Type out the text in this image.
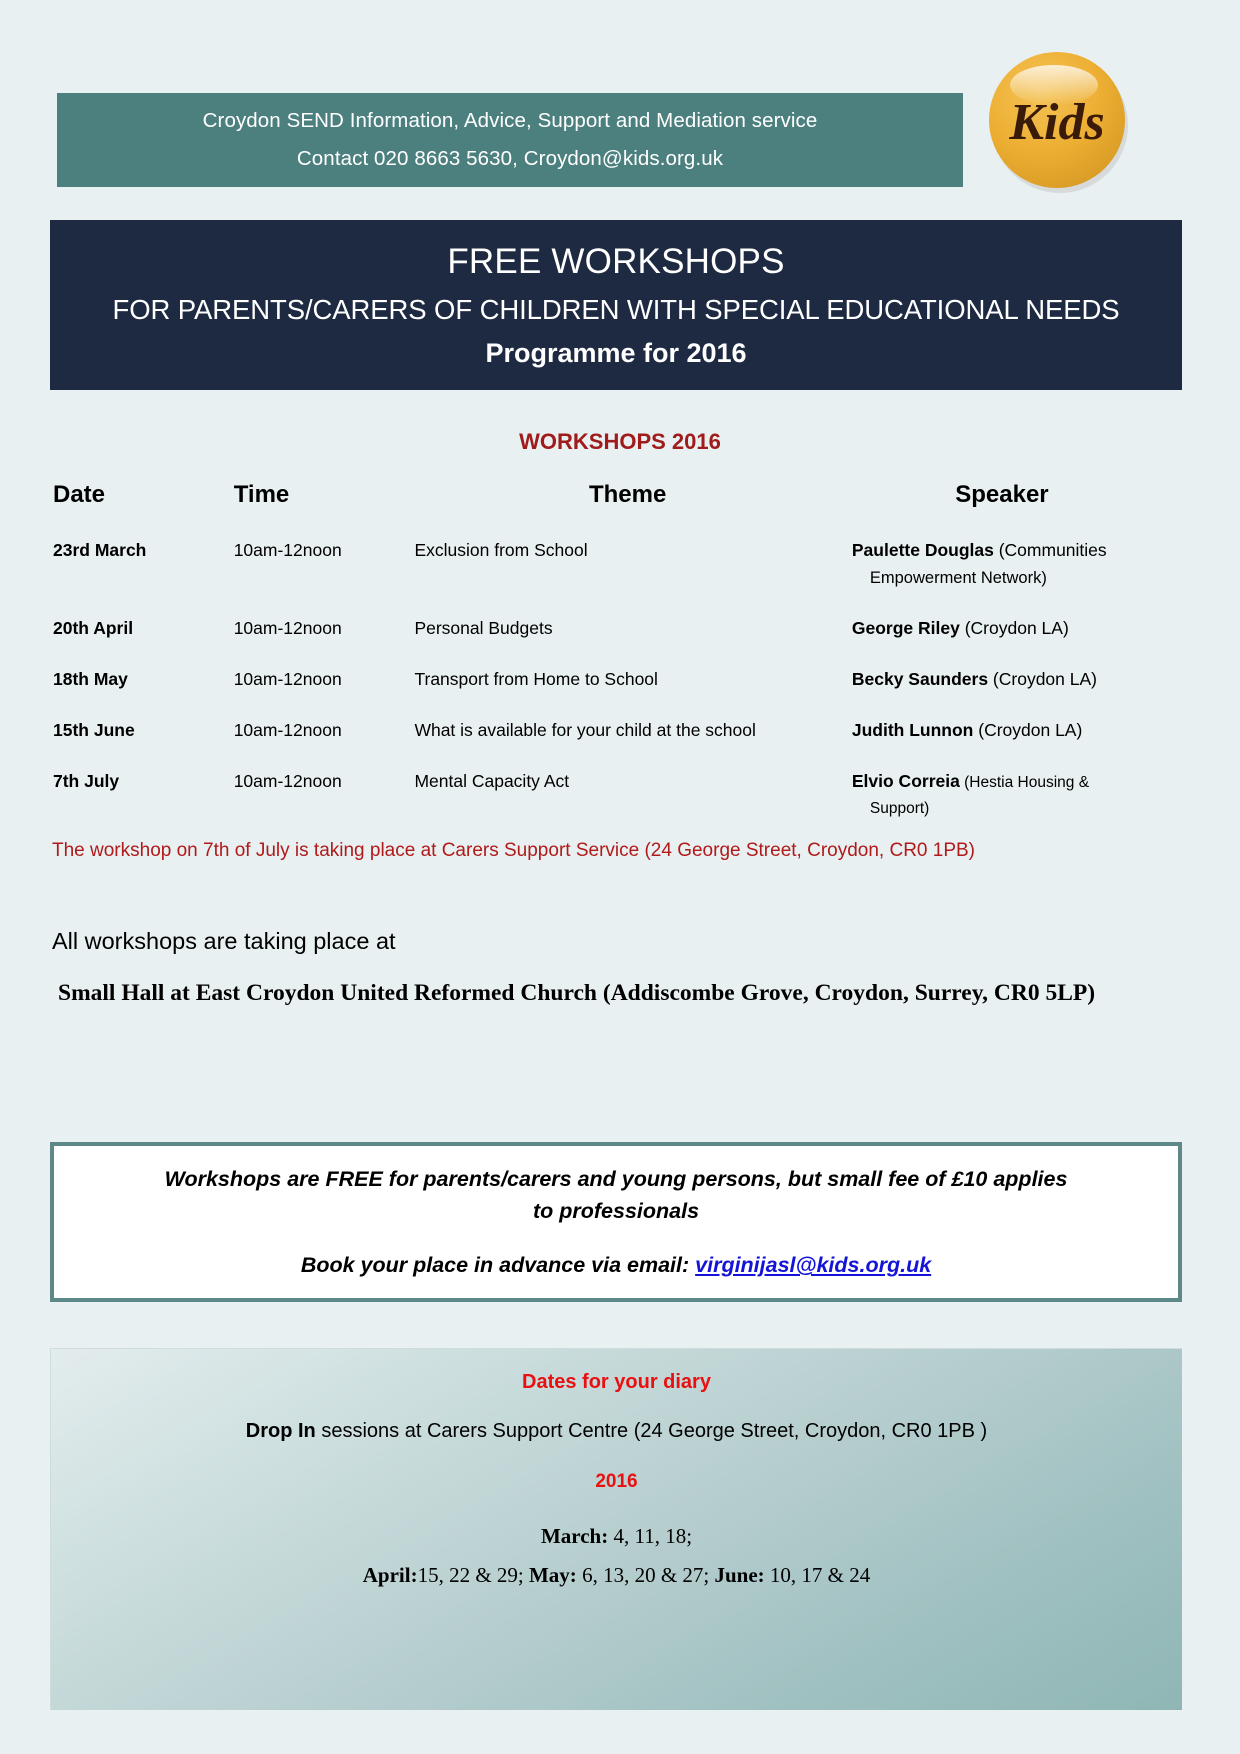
Croydon SEND Information, Advice, Support and Mediation service
Contact 020 8663 5630, Croydon@kids.org.uk
Kids
FREE WORKSHOPS
FOR PARENTS/CARERS OF CHILDREN WITH SPECIAL EDUCATIONAL NEEDS
Programme for 2016
WORKSHOPS 2016
Date	Time	Theme	Speaker
23rd March	10am-12noon	Exclusion from School	Paulette Douglas (Communities
Empowerment Network)

20th April	10am-12noon	Personal Budgets	George Riley (Croydon LA)
18th May	10am-12noon	Transport from Home to School	Becky Saunders (Croydon LA)
15th June	10am-12noon	What is available for your child at the school	Judith Lunnon (Croydon LA)
7th July	10am-12noon	Mental Capacity Act	Elvio Correia (Hestia Housing &
Support)
The workshop on 7th of July is taking place at Carers Support Service (24 George Street, Croydon, CR0 1PB)
All workshops are taking place at
Small Hall at East Croydon United Reformed Church (Addiscombe Grove, Croydon, Surrey, CR0 5LP)
Workshops are FREE for parents/carers and young persons, but small fee of £10 applies
to professionals
Book your place in advance via email: virginijasl@kids.org.uk
Dates for your diary
Drop In sessions at Carers Support Centre (24 George Street, Croydon, CR0 1PB )
2016
March: 4, 11, 18;
April:15, 22 & 29; May: 6, 13, 20 & 27; June: 10, 17 & 24
